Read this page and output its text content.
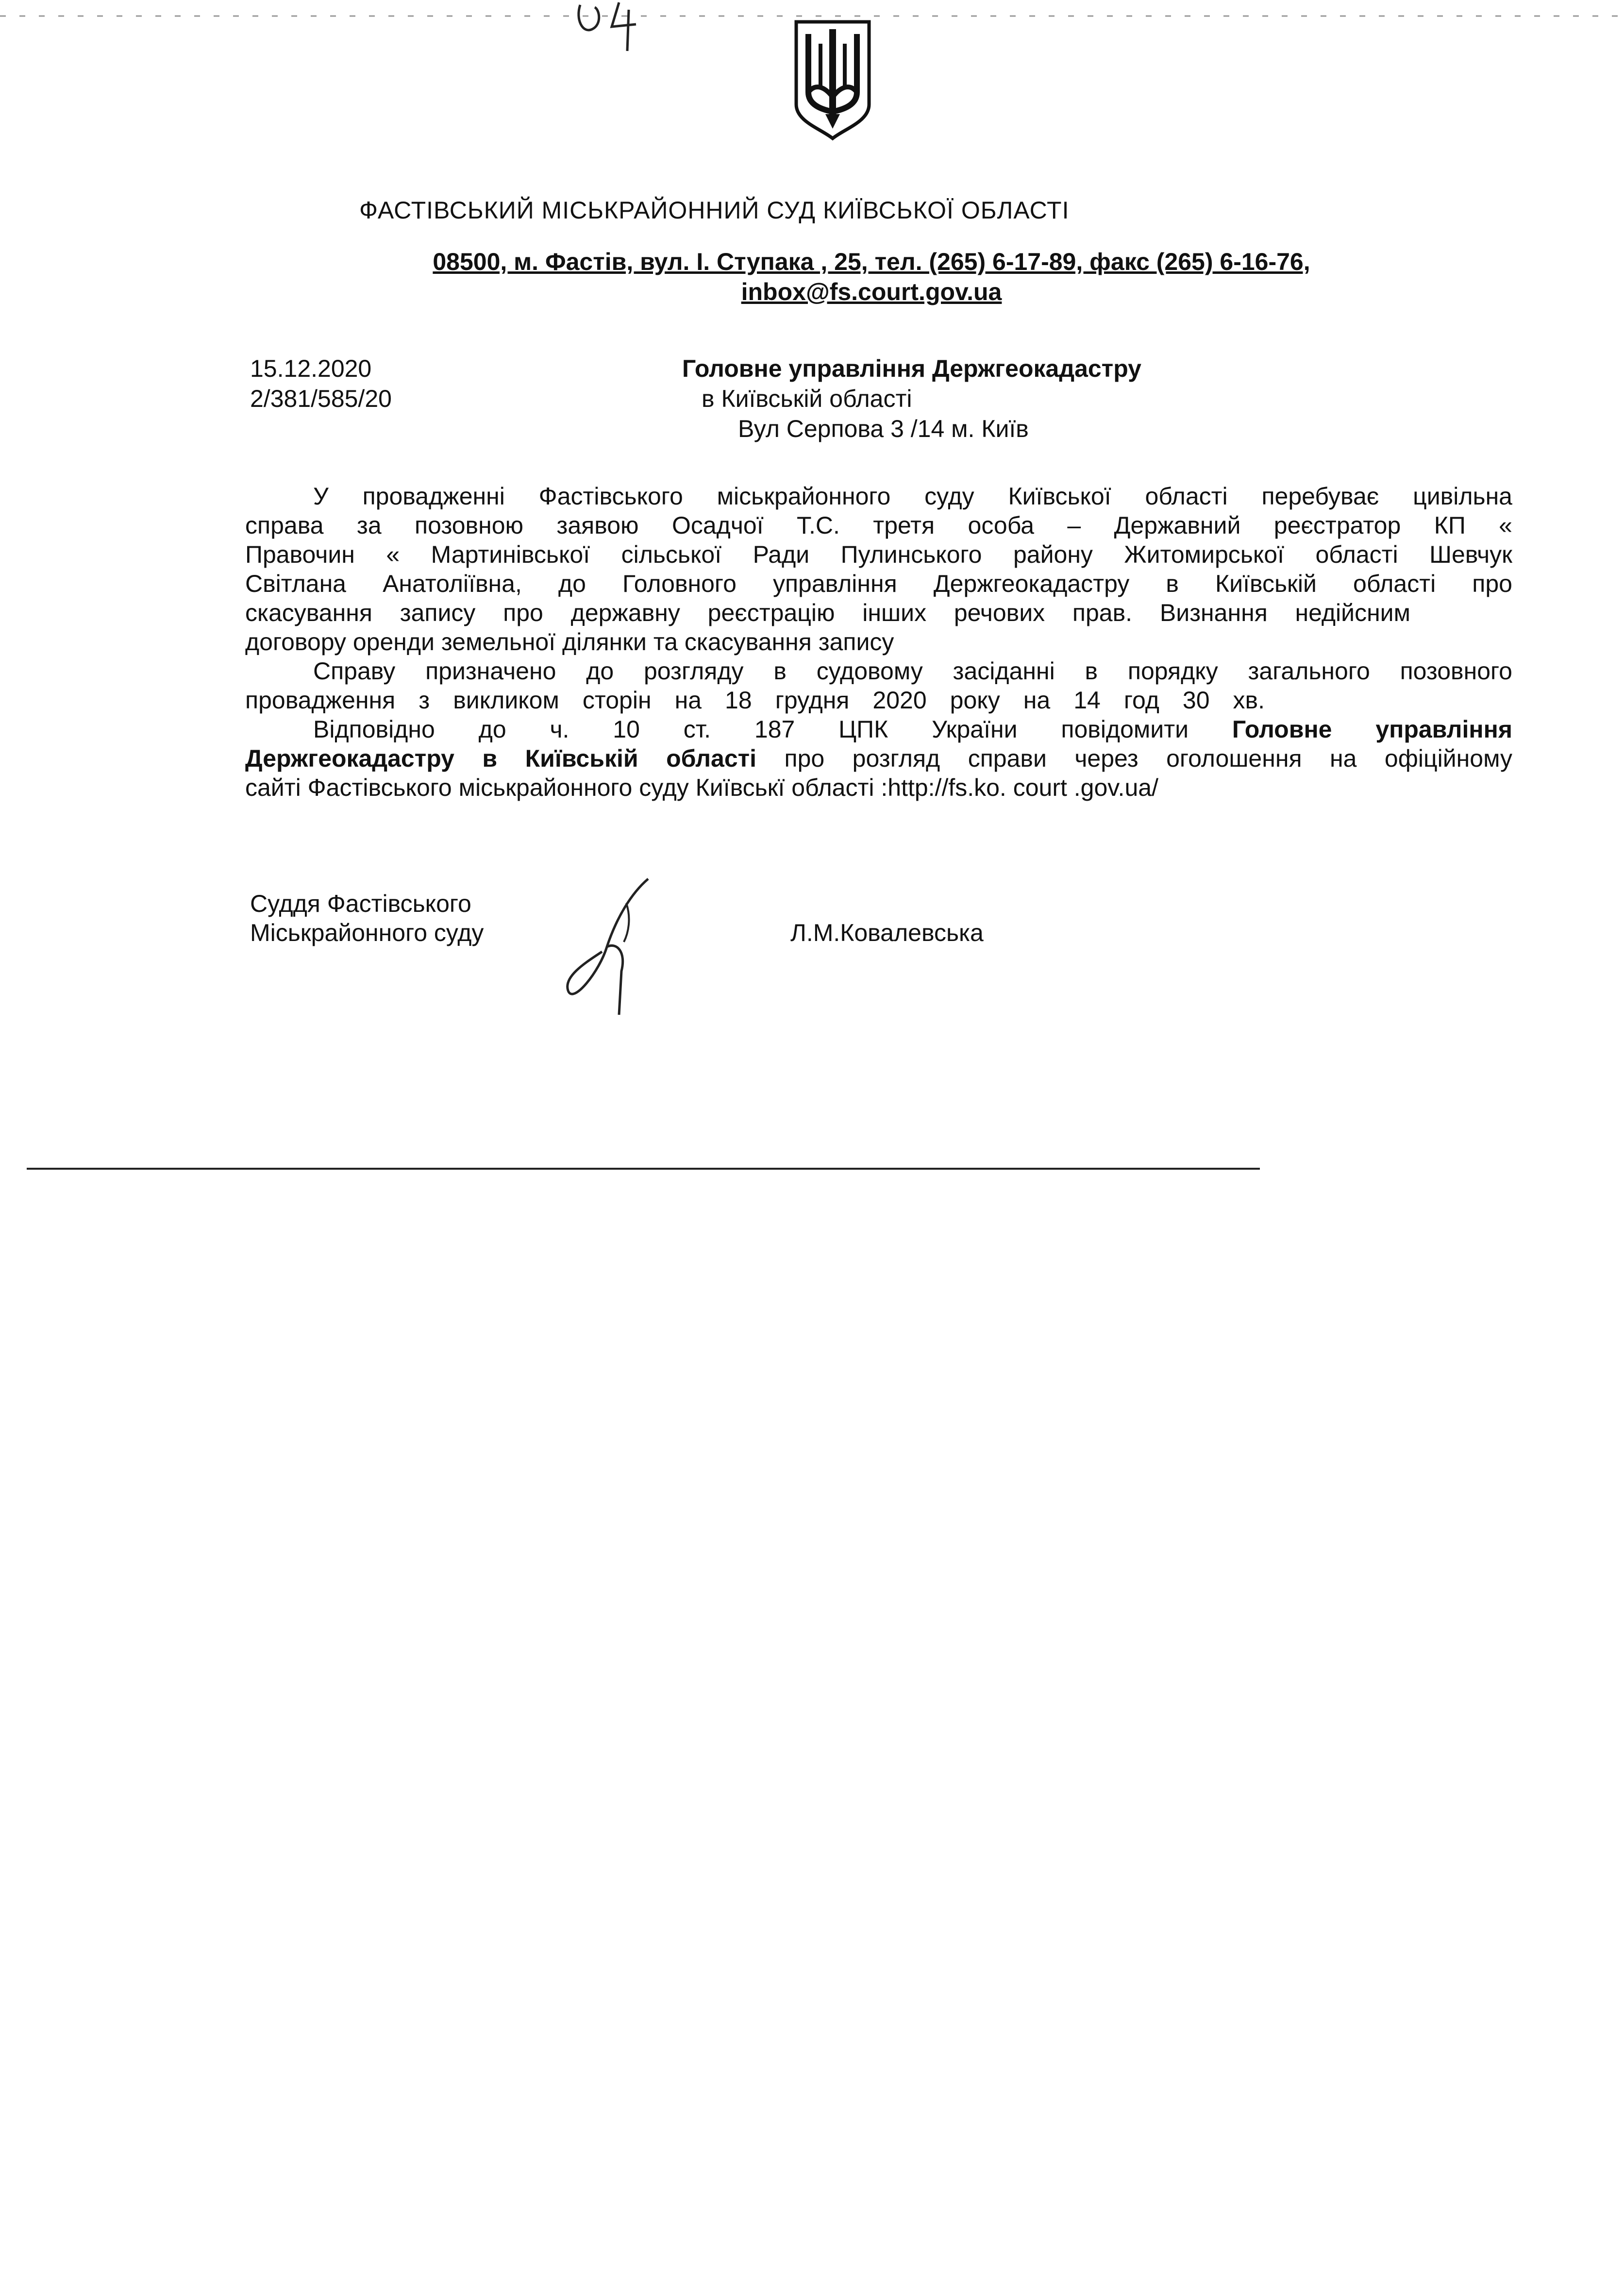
ФАСТІВСЬКИЙ МІСЬКРАЙОННИЙ СУД КИЇВСЬКОЇ ОБЛАСТІ
08500, м. Фастів, вул. І. Ступака , 25, тел. (265) 6-17-89, факс (265) 6-16-76,
inbox@fs.court.gov.ua
15.12.2020
2/381/585/20
Головне управління Держгеокадастру
в Київській області
Вул Серпова 3 /14 м. Київ

У провадженні Фастівського міськрайонного суду Київської області перебуває цивільна

справа за позовною заявою Осадчої Т.С. третя особа – Державний реєстратор КП «

Правочин « Мартинівської сільської Ради Пулинського району Житомирської області Шевчук

Світлана Анатоліївна, до Головного управління Держгеокадастру в Київській області про

скасування запису про державну реєстрацію інших речових прав. Визнання недійсним

договору оренди земельної ділянки та скасування запису

Справу призначено до розгляду в судовому засіданні в порядку загального позовного

провадження з викликом сторін на 18 грудня 2020 року на 14 год 30 хв.

Відповідно до ч. 10 ст. 187 ЦПК України повідомити Головне управління

Держгеокадастру в Київській області про розгляд справи через оголошення на офіційному

сайті Фастівського міськрайонного суду Київськї області :http://fs.ko. court .gov.ua/

Суддя Фастівського
Міськрайонного суду	Л.М.Ковалевська
